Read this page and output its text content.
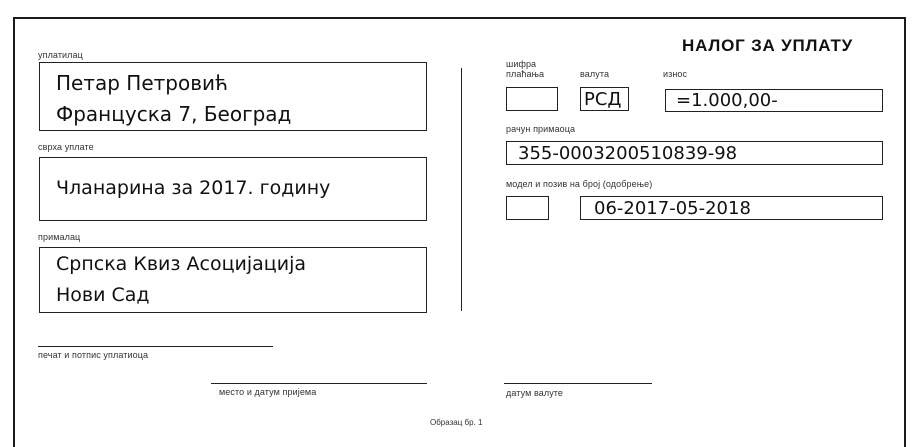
уплатилац
Петар Петровић
Француска 7, Београд
сврха уплате
Чланарина за 2017. годину
прималац
Српска Квиз Асоцијација
Нови Сад
НАЛОГ ЗА УПЛАТУ
шифра
плаћања	валута
РСД
износ
=1.000,00-
рачун примаоца
355-0003200510839-98
модел и позив на број (одобрење)
06-2017-05-2018
печат и потпис уплатиоца
место и датум пријема	датум валуте
Образац бр. 1
